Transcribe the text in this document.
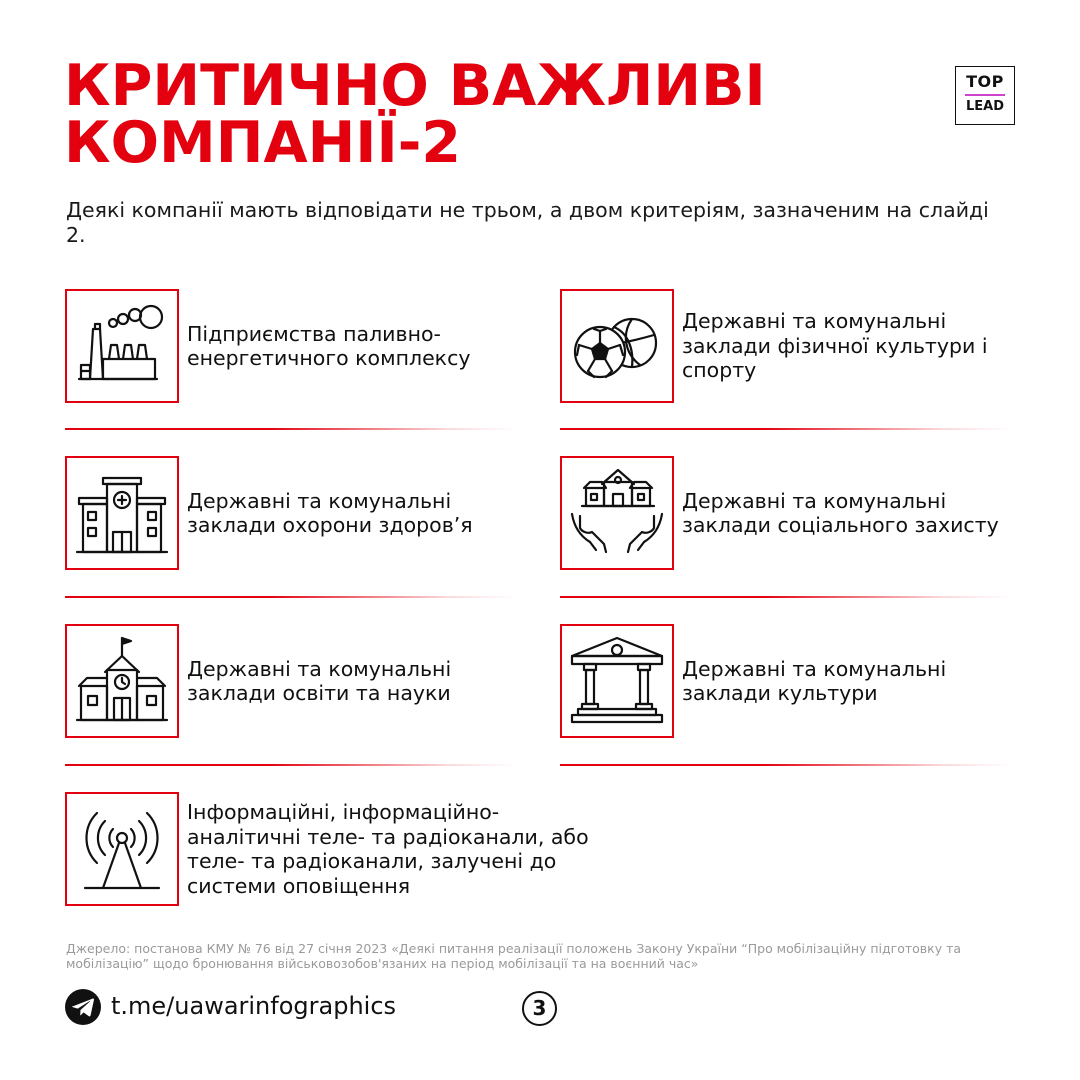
КРИТИЧНО ВАЖЛИВІ
КОМПАНІЇ-2
TOP
LEAD
Деякі компанії мають відповідати не трьом, а двом критеріям, зазначеним на слайді 2.
Підприємства паливно-енергетичного комплексу
Державні та комунальні заклади фізичної культури і спорту
Державні та комунальні заклади охорони здоров’я
Державні та комунальні заклади соціального захисту
Державні та комунальні заклади освіти та науки
Державні та комунальні заклади культури
Інформаційні, інформаційно-аналітичні теле- та радіоканали, або теле- та радіоканали, залучені до системи оповіщення
Джерело: постанова КМУ № 76 від 27 січня 2023 «Деякі питання реалізації положень Закону України “Про мобілізаційну підготовку та мобілізацію” щодо бронювання військовозобов'язаних на період мобілізації та на воєнний час»
t.me/uawarinfographics	3
